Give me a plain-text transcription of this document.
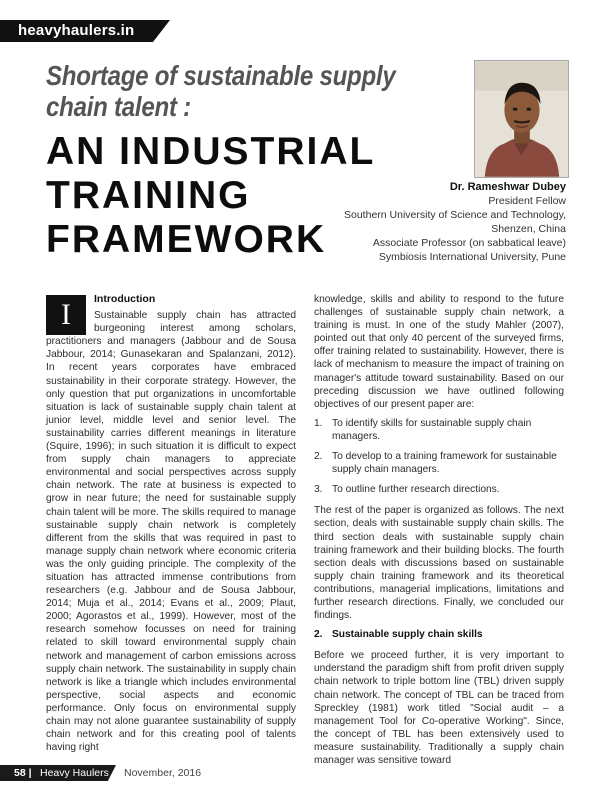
heavyhaulers.in
Shortage of sustainable supply chain talent :
AN INDUSTRIAL TRAINING FRAMEWORK
Dr. Rameshwar Dubey
President Fellow
Southern University of Science and Technology, Shenzen, China
Associate Professor (on sabbatical leave)
Symbiosis International University, Pune
I	Introduction

Sustainable supply chain has attracted burgeoning interest among scholars, practitioners and managers (Jabbour and de Sousa Jabbour, 2014; Gunasekaran and Spalanzani, 2012). In recent years corporates have embraced sustainability in their corporate strategy. However, the only question that put organizations in uncomfortable situation is lack of sustainable supply chain talent at junior level, middle level and senior level. The sustainability carries different meanings in literature (Squire, 1996); in such situation it is difficult to expect from supply chain managers to appreciate environmental and social perspectives across supply chain network. The rate at business is expected to grow in near future; the need for sustainable supply chain talent will be more. The skills required to manage sustainable supply chain network is completely different from the skills that was required in past to manage supply chain network where economic criteria was the only guiding principle. The complexity of the situation has attracted immense contributions from researchers (e.g. Jabbour and de Sousa Jabbour, 2014; Muja et al., 2014; Evans et al., 2009; Plaut, 2000; Agorastos et al., 1999). However, most of the research somehow focusses on need for training related to skill toward environmental supply chain network and management of carbon emissions across supply chain network. The sustainability in supply chain network is like a triangle which includes environmental perspective, social aspects and economic performance. Only focus on environmental supply chain may not alone guarantee sustainability of supply chain network and for this creating pool of talents having right

knowledge, skills and ability to respond to the future challenges of sustainable supply chain network, a training is must. In one of the study Mahler (2007), pointed out that only 40 percent of the surveyed firms, offer training related to sustainability. However, there is lack of mechanism to measure the impact of training on manager's attitude toward sustainability. Based on our preceding discussion we have outlined following objectives of our present paper are:

1. To identify skills for sustainable supply chain managers.
2. To develop to a training framework for sustainable supply chain managers.
3. To outline further research directions.

The rest of the paper is organized as follows. The next section, deals with sustainable supply chain skills. The third section deals with sustainable supply chain training framework and their building blocks. The fourth section deals with discussions based on sustainable supply chain training framework and its theoretical contributions, managerial implications, limitations and further research directions. Finally, we concluded our findings.

2. Sustainable supply chain skills

Before we proceed further, it is very important to understand the paradigm shift from profit driven supply chain network to triple bottom line (TBL) driven supply chain network. The concept of TBL can be traced from Spreckley (1981) work titled "Social audit – a management Tool for Co-operative Working". Since, the concept of TBL has been extensively used to measure sustainability. Traditionally a supply chain manager was sensitive toward

58 | Heavy Haulers November, 2016
